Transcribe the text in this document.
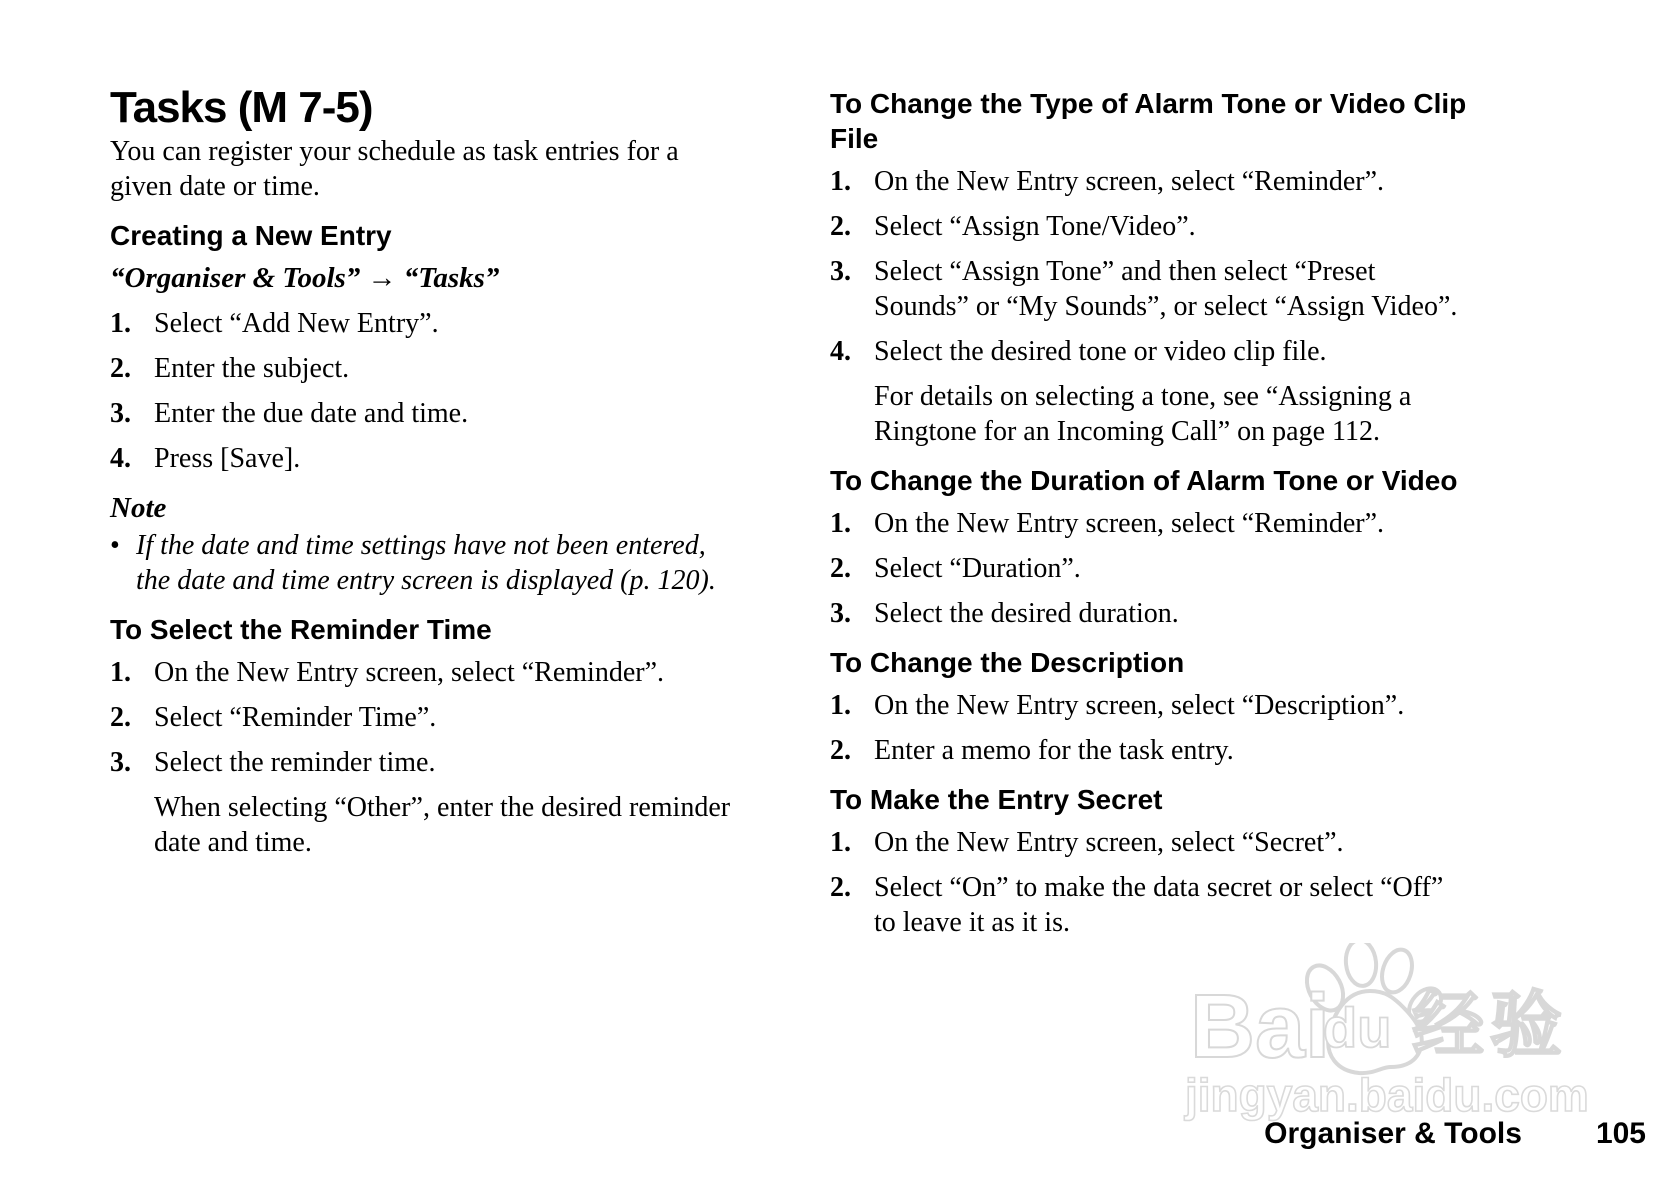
Tasks (M 7-5)
You can register your schedule as task entries for a
given date or time.
Creating a New Entry
“Organiser & Tools” → “Tasks”
1. Select “Add New Entry”.
2. Enter the subject.
3. Enter the due date and time.
4. Press [Save].
Note
• If the date and time settings have not been entered,
the date and time entry screen is displayed (p. 120).
To Select the Reminder Time
1. On the New Entry screen, select “Reminder”.
2. Select “Reminder Time”.
3. Select the reminder time.
When selecting “Other”, enter the desired reminder
date and time.
To Change the Type of Alarm Tone or Video Clip
File
1. On the New Entry screen, select “Reminder”.
2. Select “Assign Tone/Video”.
3. Select “Assign Tone” and then select “Preset
Sounds” or “My Sounds”, or select “Assign Video”.
4. Select the desired tone or video clip file.
For details on selecting a tone, see “Assigning a
Ringtone for an Incoming Call” on page 112.
To Change the Duration of Alarm Tone or Video
1. On the New Entry screen, select “Reminder”.
2. Select “Duration”.
3. Select the desired duration.
To Change the Description
1. On the New Entry screen, select “Description”.
2. Enter a memo for the task entry.
To Make the Entry Secret
1. On the New Entry screen, select “Secret”.
2. Select “On” to make the data secret or select “Off”
to leave it as it is.
Bai
du 经验
jingyan.baidu.com
Organiser & Tools 105
